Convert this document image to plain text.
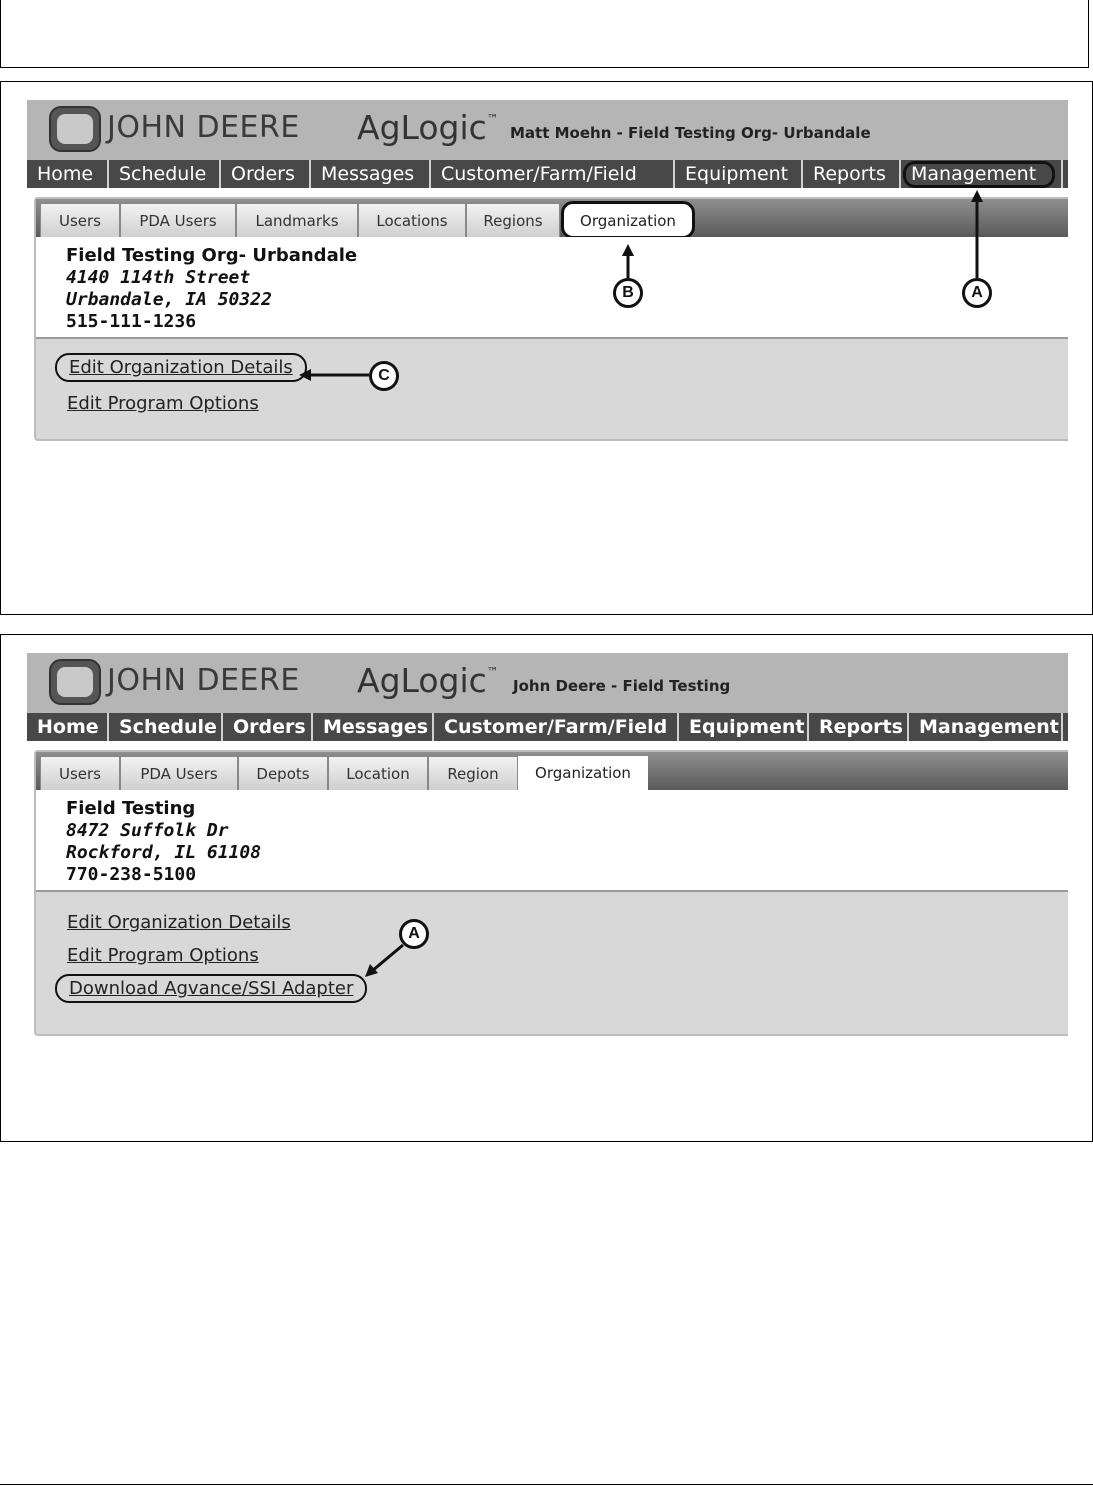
JOHN DEERE AgLogic™
Matt Moehn - Field Testing Org- Urbandale
Home	Schedule	Orders	Messages	Customer/Farm/Field	Equipment	Reports	Management
Users	PDA Users	Landmarks	Locations	Regions	Organization
Field Testing Org- Urbandale
4140 114th Street
Urbandale, IA 50322
515-111-1236
Edit Organization Details
Edit Program Options
B	A
C
JOHN DEERE AgLogic™
John Deere - Field Testing
Home	Schedule Orders Messages Customer/Farm/Field	Equipment Reports Management
Users	PDA Users	Depots	Location	Region	Organization
Field Testing
8472 Suffolk Dr
Rockford, IL 61108
770-238-5100
Edit Organization Details
Edit Program Options
Download Agvance/SSI Adapter
A
